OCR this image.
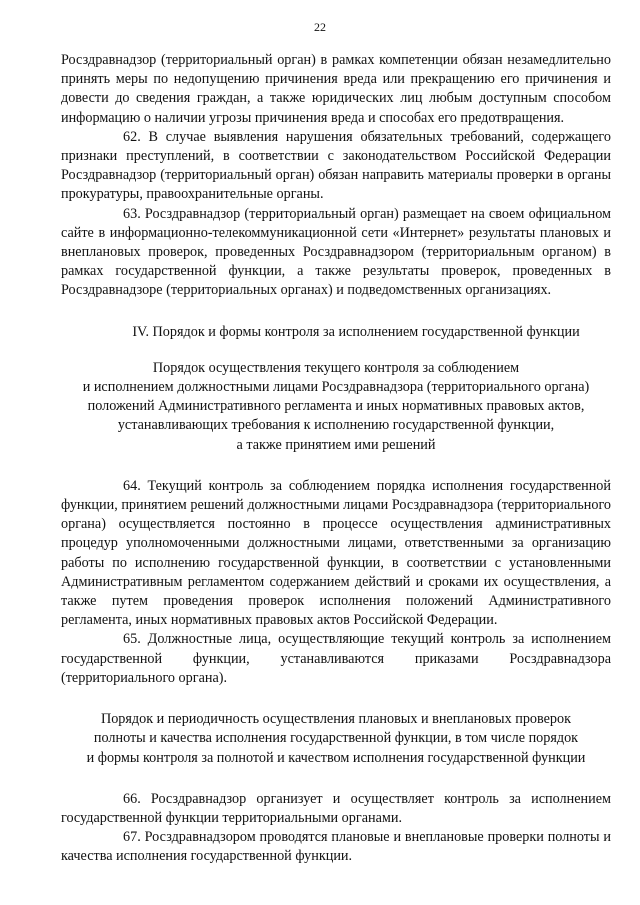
22

Росздравнадзор (территориальный орган) в рамках компетенции обязан незамедлительно принять меры по недопущению причинения вреда или прекращению его причинения и довести до сведения граждан, а также юридических лиц любым доступным способом информацию о наличии угрозы причинения вреда и способах его предотвращения.

62. В случае выявления нарушения обязательных требований, содержащего признаки преступлений, в соответствии с законодательством Российской Федерации Росздравнадзор (территориальный орган) обязан направить материалы проверки в органы прокуратуры, правоохранительные органы.

63. Росздравнадзор (территориальный орган) размещает на своем официальном сайте в информационно-телекоммуникационной сети «Интернет» результаты плановых и внеплановых проверок, проведенных Росздравнадзором (территориальным органом) в рамках государственной функции, а также результаты проверок, проведенных в Росздравнадзоре (территориальных органах) и подведомственных организациях.

IV. Порядок и формы контроля за исполнением государственной функции
Порядок осуществления текущего контроля за соблюдением
и исполнением должностными лицами Росздравнадзора (территориального органа)
положений Административного регламента и иных нормативных правовых актов,
устанавливающих требования к исполнению государственной функции,
а также принятием ими решений

64. Текущий контроль за соблюдением порядка исполнения государственной функции, принятием решений должностными лицами Росздравнадзора (территориального органа) осуществляется постоянно в процессе осуществления административных процедур уполномоченными должностными лицами, ответственными за организацию работы по исполнению государственной функции, в соответствии с установленными Административным регламентом содержанием действий и сроками их осуществления, а также путем проведения проверок исполнения положений Административного регламента, иных нормативных правовых актов Российской Федерации.

65. Должностные лица, осуществляющие текущий контроль за исполнением государственной функции, устанавливаются приказами Росздравнадзора (территориального органа).

Порядок и периодичность осуществления плановых и внеплановых проверок
полноты и качества исполнения государственной функции, в том числе порядок
и формы контроля за полнотой и качеством исполнения государственной функции

66. Росздравнадзор организует и осуществляет контроль за исполнением государственной функции территориальными органами.

67. Росздравнадзором проводятся плановые и внеплановые проверки полноты и качества исполнения государственной функции.
